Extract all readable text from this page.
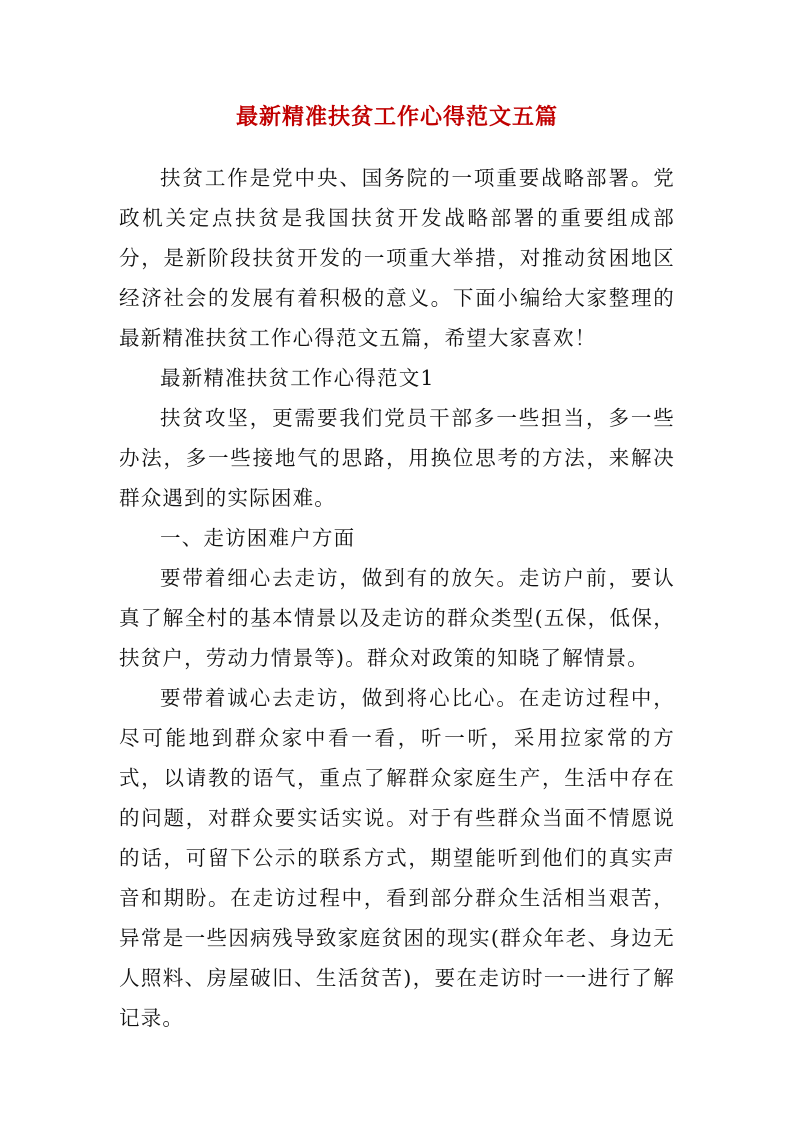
最新精准扶贫工作心得范文五篇

扶贫工作是党中央、国务院的一项重要战略部署。党政机关定点扶贫是我国扶贫开发战略部署的重要组成部分，是新阶段扶贫开发的一项重大举措，对推动贫困地区经济社会的发展有着积极的意义。下面小编给大家整理的最新精准扶贫工作心得范文五篇，希望大家喜欢！

最新精准扶贫工作心得范文1

扶贫攻坚，更需要我们党员干部多一些担当，多一些办法，多一些接地气的思路，用换位思考的方法，来解决群众遇到的实际困难。

一、走访困难户方面

要带着细心去走访，做到有的放矢。走访户前，要认真了解全村的基本情景以及走访的群众类型(五保，低保，扶贫户，劳动力情景等)。群众对政策的知晓了解情景。

要带着诚心去走访，做到将心比心。在走访过程中，尽可能地到群众家中看一看，听一听，采用拉家常的方式，以请教的语气，重点了解群众家庭生产，生活中存在的问题，对群众要实话实说。对于有些群众当面不情愿说的话，可留下公示的联系方式，期望能听到他们的真实声音和期盼。在走访过程中，看到部分群众生活相当艰苦，异常是一些因病残导致家庭贫困的现实(群众年老、身边无人照料、房屋破旧、生活贫苦)，要在走访时一一进行了解记录。
